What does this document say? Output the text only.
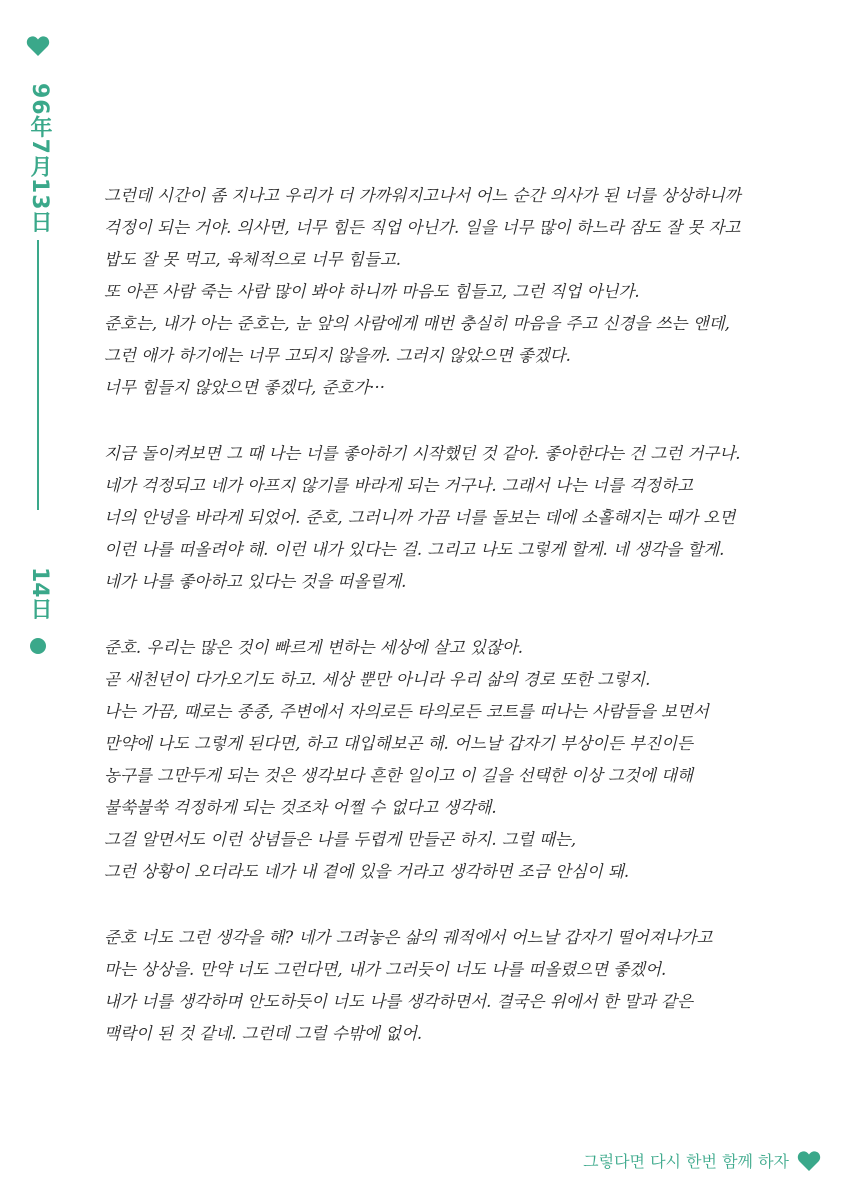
96年7月13日
14日
그런데 시간이 좀 지나고 우리가 더 가까워지고나서 어느 순간 의사가 된 너를 상상하니까
걱정이 되는 거야. 의사면, 너무 힘든 직업 아닌가. 일을 너무 많이 하느라 잠도 잘 못 자고
밥도 잘 못 먹고, 육체적으로 너무 힘들고.
또 아픈 사람 죽는 사람 많이 봐야 하니까 마음도 힘들고, 그런 직업 아닌가.
준호는, 내가 아는 준호는, 눈 앞의 사람에게 매번 충실히 마음을 주고 신경을 쓰는 앤데,
그런 애가 하기에는 너무 고되지 않을까. 그러지 않았으면 좋겠다.
너무 힘들지 않았으면 좋겠다, 준호가···
지금 돌이켜보면 그 때 나는 너를 좋아하기 시작했던 것 같아. 좋아한다는 건 그런 거구나.
네가 걱정되고 네가 아프지 않기를 바라게 되는 거구나. 그래서 나는 너를 걱정하고
너의 안녕을 바라게 되었어. 준호, 그러니까 가끔 너를 돌보는 데에 소홀해지는 때가 오면
이런 나를 떠올려야 해. 이런 내가 있다는 걸. 그리고 나도 그렇게 할게. 네 생각을 할게.
네가 나를 좋아하고 있다는 것을 떠올릴게.
준호. 우리는 많은 것이 빠르게 변하는 세상에 살고 있잖아.
곧 새천년이 다가오기도 하고. 세상 뿐만 아니라 우리 삶의 경로 또한 그렇지.
나는 가끔, 때로는 종종, 주변에서 자의로든 타의로든 코트를 떠나는 사람들을 보면서
만약에 나도 그렇게 된다면, 하고 대입해보곤 해. 어느날 갑자기 부상이든 부진이든
농구를 그만두게 되는 것은 생각보다 흔한 일이고 이 길을 선택한 이상 그것에 대해
불쑥불쑥 걱정하게 되는 것조차 어쩔 수 없다고 생각해.
그걸 알면서도 이런 상념들은 나를 두렵게 만들곤 하지. 그럴 때는,
그런 상황이 오더라도 네가 내 곁에 있을 거라고 생각하면 조금 안심이 돼.
준호 너도 그런 생각을 해? 네가 그려놓은 삶의 궤적에서 어느날 갑자기 떨어져나가고
마는 상상을. 만약 너도 그런다면, 내가 그러듯이 너도 나를 떠올렸으면 좋겠어.
내가 너를 생각하며 안도하듯이 너도 나를 생각하면서. 결국은 위에서 한 말과 같은
맥락이 된 것 같네. 그런데 그럴 수밖에 없어.
그렇다면 다시 한번 함께 하자
